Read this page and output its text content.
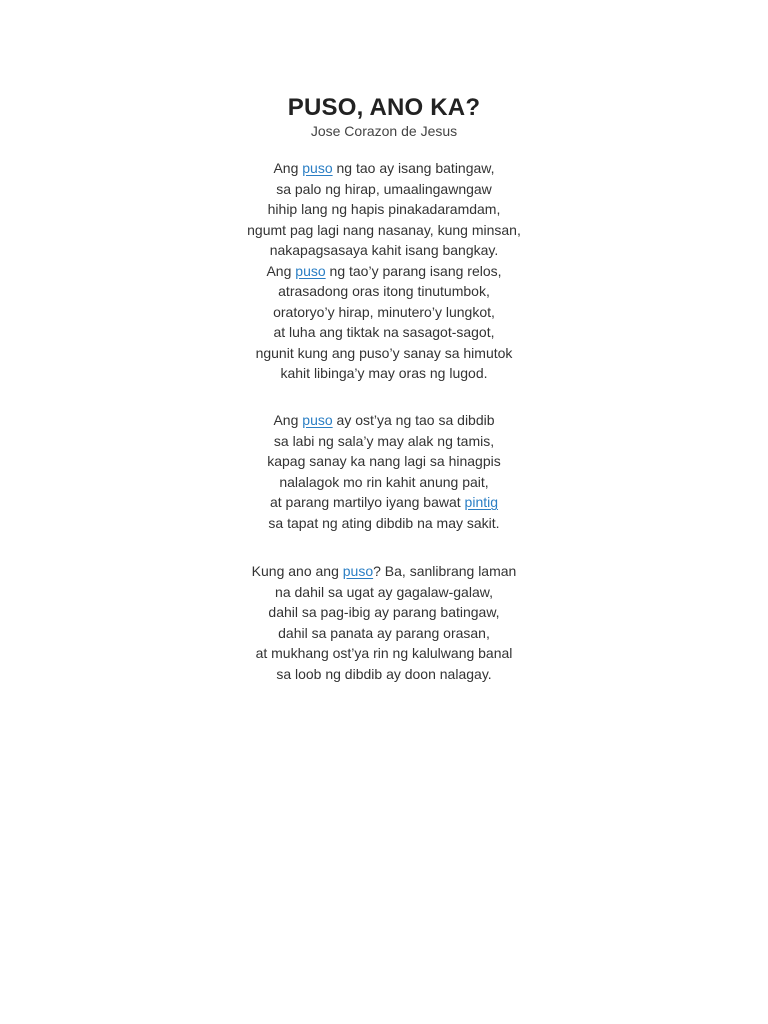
PUSO, ANO KA?
Jose Corazon de Jesus
Ang puso ng tao ay isang batingaw,
sa palo ng hirap, umaalingawngaw
hihip lang ng hapis pinakadaramdam,
ngumt pag lagi nang nasanay, kung minsan,
nakapagsasaya kahit isang bangkay.
Ang puso ng tao’y parang isang relos,
atrasadong oras itong tinutumbok,
oratoryo’y hirap, minutero’y lungkot,
at luha ang tiktak na sasagot-sagot,
ngunit kung ang puso’y sanay sa himutok
kahit libinga’y may oras ng lugod.
Ang puso ay ost’ya ng tao sa dibdib
sa labi ng sala’y may alak ng tamis,
kapag sanay ka nang lagi sa hinagpis
nalalagok mo rin kahit anung pait,
at parang martilyo iyang bawat pintig
sa tapat ng ating dibdib na may sakit.
Kung ano ang puso? Ba, sanlibrang laman
na dahil sa ugat ay gagalaw-galaw,
dahil sa pag-ibig ay parang batingaw,
dahil sa panata ay parang orasan,
at mukhang ost’ya rin ng kalulwang banal
sa loob ng dibdib ay doon nalagay.
